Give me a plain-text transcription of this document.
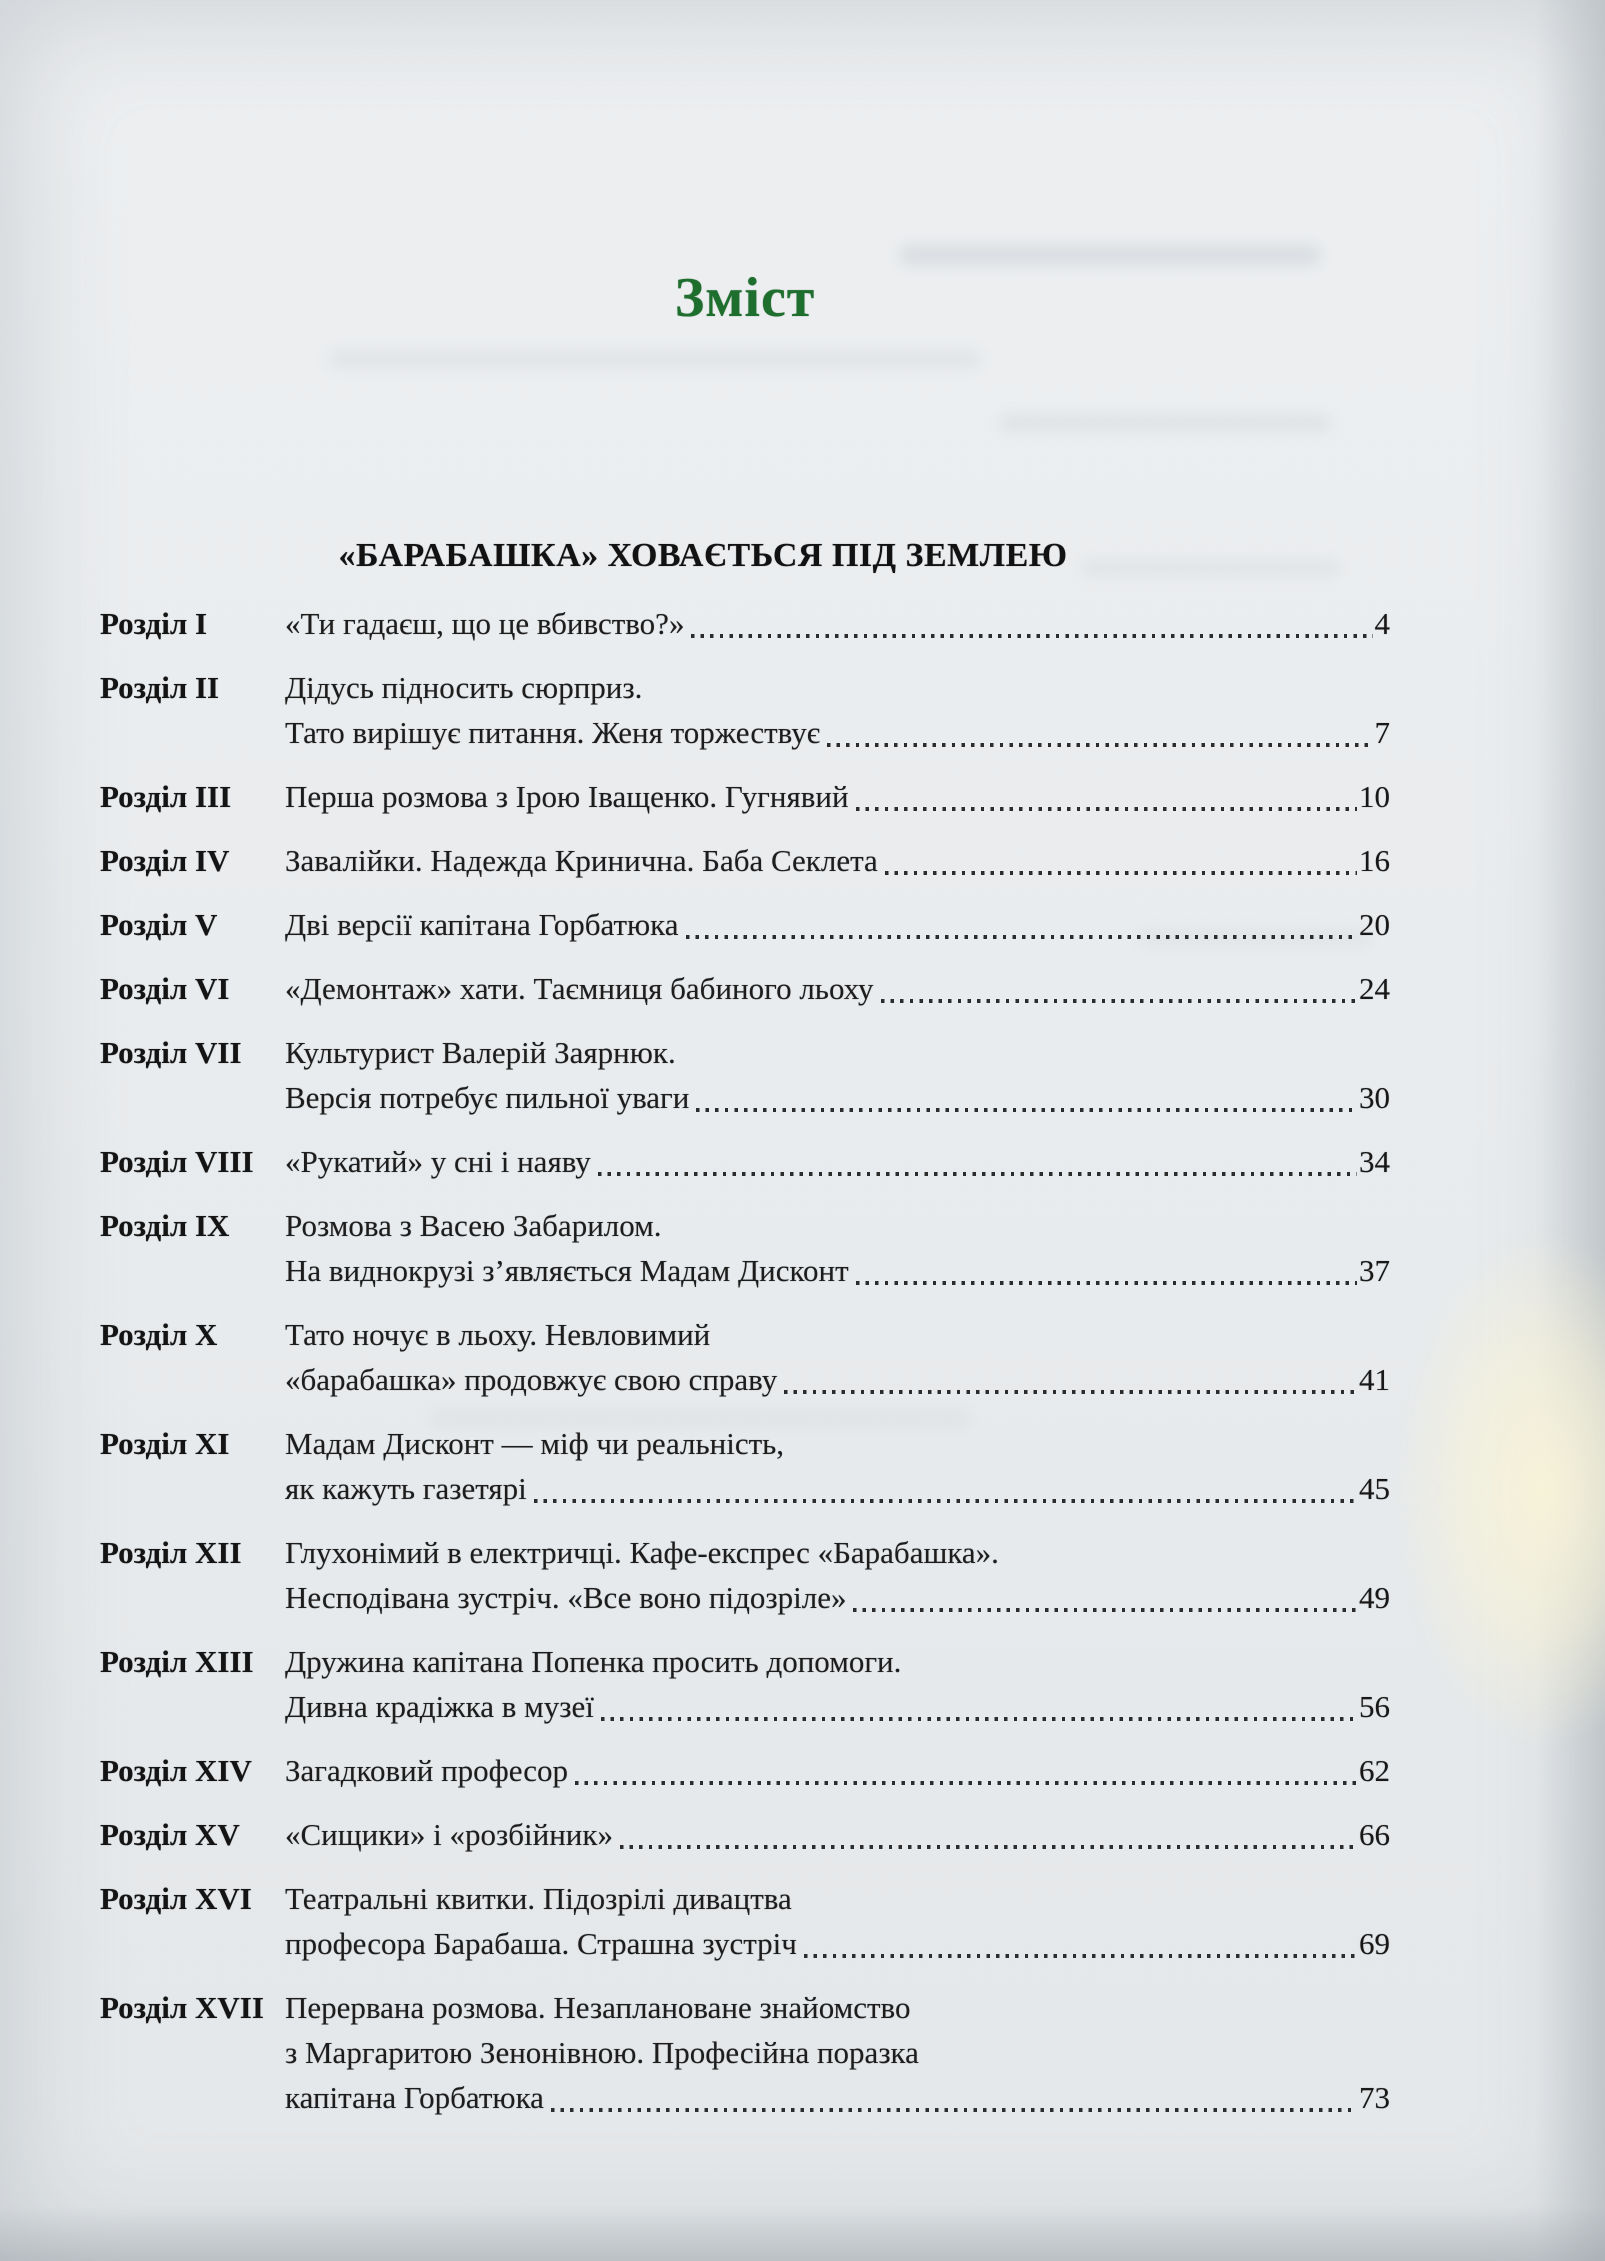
Зміст
«БАРАБАШКА» ХОВАЄТЬСЯ ПІД ЗЕМЛЕЮ
Розділ I	«Ти гадаєш, що це вбивство?»	4
Розділ II	Дідусь підносить сюрприз.
Тато вирішує питання. Женя торжествує	7
Розділ III	Перша розмова з Ірою Іващенко. Гугнявий	10
Розділ IV	Завалійки. Надежда Кринична. Баба Секлета	16
Розділ V	Дві версії капітана Горбатюка	20
Розділ VI	«Демонтаж» хати. Таємниця бабиного льоху	24
Розділ VII	Культурист Валерій Заярнюк.
Версія потребує пильної уваги	30
Розділ VIII	«Рукатий» у сні і наяву	34
Розділ IX	Розмова з Васею Забарилом.
На виднокрузі з’являється Мадам Дисконт	37
Розділ X	Тато ночує в льоху. Невловимий
«барабашка» продовжує свою справу	41
Розділ XI	Мадам Дисконт — міф чи реальність,
як кажуть газетярі	45
Розділ XII	Глухонімий в електричці. Кафе-експрес «Барабашка».
Несподівана зустріч. «Все воно підозріле»	49
Розділ XIII	Дружина капітана Попенка просить допомоги.
Дивна крадіжка в музеї	56
Розділ XIV	Загадковий професор	62
Розділ XV	«Сищики» і «розбійник»	66
Розділ XVI	Театральні квитки. Підозрілі дивацтва
професора Барабаша. Страшна зустріч	69
Розділ XVII Перервана розмова. Незаплановане знайомство
з Маргаритою Зенонівною. Професійна поразка
капітана Горбатюка	73
